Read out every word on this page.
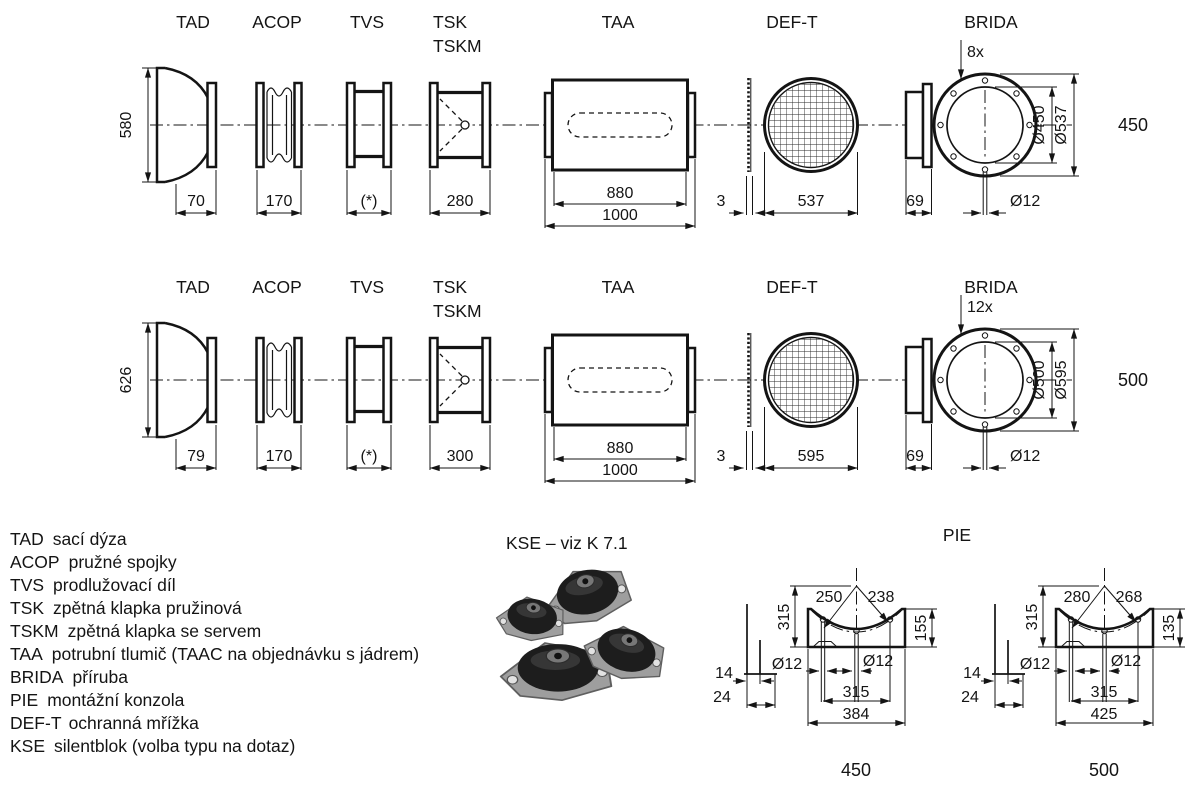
TAD ACOP	TVS	TSK
TSKM
TAA	DEF-T	BRIDA
8x
450
580
70	170	(*)	280	880
1000
3	537	69	Ø12
Ø450 Ø537
TAD ACOP	TVS	TSK
TSKM
TAA	DEF-T	BRIDA
12x
500
626
79	170	(*)	300	880
1000
3	595	69	Ø12
Ø500 Ø595
TAD sací dýza
ACOP pružné spojky
TVS prodlužovací díl
TSK zpětná klapka pružinová
TSKM zpětná klapka se servem
TAA potrubní tlumič (TAAC na objednávku s jádrem)
BRIDA příruba
PIE montážní konzola
DEF-T ochranná mřížka
KSE silentblok (volba typu na dotaz)
KSE – viz K 7.1	PIE
250 238
315	155
Ø12	Ø12
315
384
14
24
450
280 268
315	135
Ø12	Ø12
315
425
14
24
500
